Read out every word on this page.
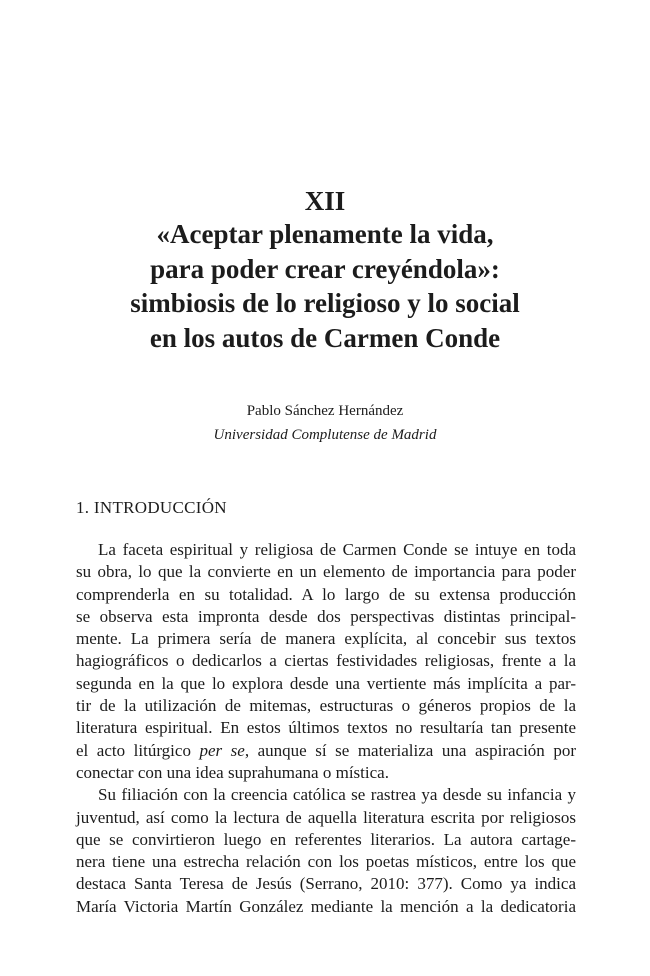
XII
«Aceptar plenamente la vida,
para poder crear creyéndola»:
simbiosis de lo religioso y lo social
en los autos de Carmen Conde
Pablo Sánchez Hernández
Universidad Complutense de Madrid
1. INTRODUCCIÓN

La faceta espiritual y religiosa de Carmen Conde se intuye en toda
su obra, lo que la convierte en un elemento de importancia para poder
comprenderla en su totalidad. A lo largo de su extensa producción
se observa esta impronta desde dos perspectivas distintas principal-
mente. La primera sería de manera explícita, al concebir sus textos
hagiográficos o dedicarlos a ciertas festividades religiosas, frente a la
segunda en la que lo explora desde una vertiente más implícita a par-
tir de la utilización de mitemas, estructuras o géneros propios de la
literatura espiritual. En estos últimos textos no resultaría tan presente
el acto litúrgico per se, aunque sí se materializa una aspiración por
conectar con una idea suprahumana o mística.

Su filiación con la creencia católica se rastrea ya desde su infancia y
juventud, así como la lectura de aquella literatura escrita por religiosos
que se convirtieron luego en referentes literarios. La autora cartage-
nera tiene una estrecha relación con los poetas místicos, entre los que
destaca Santa Teresa de Jesús (Serrano, 2010: 377). Como ya indica
María Victoria Martín González mediante la mención a la dedicatoria
